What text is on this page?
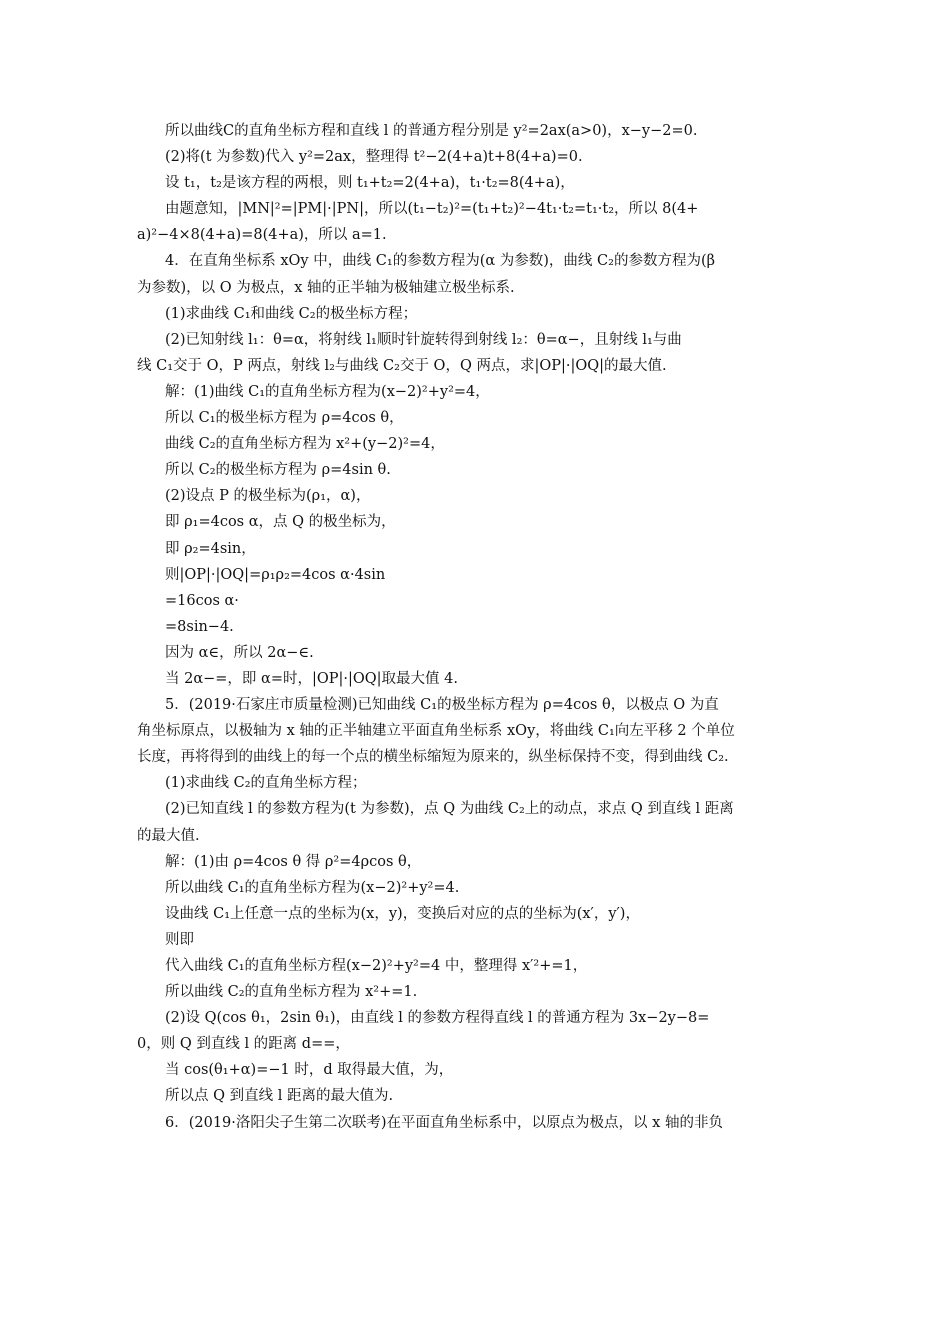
所以曲线C的直角坐标方程和直线 l 的普通方程分别是 y²=2ax(a>0)，x−y−2=0.
(2)将(t 为参数)代入 y²=2ax，整理得 t²−2(4+a)t+8(4+a)=0.
设 t₁，t₂是该方程的两根，则 t₁+t₂=2(4+a)，t₁·t₂=8(4+a)，
由题意知，|MN|²=|PM|·|PN|，所以(t₁−t₂)²=(t₁+t₂)²−4t₁·t₂=t₁·t₂，所以 8(4+
a)²−4×8(4+a)=8(4+a)，所以 a=1.
4．在直角坐标系 xOy 中，曲线 C₁的参数方程为(α 为参数)，曲线 C₂的参数方程为(β
为参数)，以 O 为极点，x 轴的正半轴为极轴建立极坐标系.
(1)求曲线 C₁和曲线 C₂的极坐标方程；
(2)已知射线 l₁：θ=α，将射线 l₁顺时针旋转得到射线 l₂：θ=α−，且射线 l₁与曲
线 C₁交于 O，P 两点，射线 l₂与曲线 C₂交于 O，Q 两点，求|OP|·|OQ|的最大值.
解：(1)曲线 C₁的直角坐标方程为(x−2)²+y²=4，
所以 C₁的极坐标方程为 ρ=4cos θ，
曲线 C₂的直角坐标方程为 x²+(y−2)²=4，
所以 C₂的极坐标方程为 ρ=4sin θ.
(2)设点 P 的极坐标为(ρ₁，α)，
即 ρ₁=4cos α，点 Q 的极坐标为，
即 ρ₂=4sin，
则|OP|·|OQ|=ρ₁ρ₂=4cos α·4sin
=16cos α·
=8sin−4.
因为 α∈，所以 2α−∈.
当 2α−=，即 α=时，|OP|·|OQ|取最大值 4.
5．(2019·石家庄市质量检测)已知曲线 C₁的极坐标方程为 ρ=4cos θ，以极点 O 为直
角坐标原点，以极轴为 x 轴的正半轴建立平面直角坐标系 xOy，将曲线 C₁向左平移 2 个单位
长度，再将得到的曲线上的每一个点的横坐标缩短为原来的，纵坐标保持不变，得到曲线 C₂.
(1)求曲线 C₂的直角坐标方程；
(2)已知直线 l 的参数方程为(t 为参数)，点 Q 为曲线 C₂上的动点，求点 Q 到直线 l 距离
的最大值.
解：(1)由 ρ=4cos θ 得 ρ²=4ρcos θ，
所以曲线 C₁的直角坐标方程为(x−2)²+y²=4.
设曲线 C₁上任意一点的坐标为(x，y)，变换后对应的点的坐标为(x′，y′)，
则即
代入曲线 C₁的直角坐标方程(x−2)²+y²=4 中，整理得 x′²+=1，
所以曲线 C₂的直角坐标方程为 x²+=1.
(2)设 Q(cos θ₁，2sin θ₁)，由直线 l 的参数方程得直线 l 的普通方程为 3x−2y−8=
0，则 Q 到直线 l 的距离 d==，
当 cos(θ₁+α)=−1 时，d 取得最大值，为，
所以点 Q 到直线 l 距离的最大值为.
6．(2019·洛阳尖子生第二次联考)在平面直角坐标系中，以原点为极点，以 x 轴的非负
